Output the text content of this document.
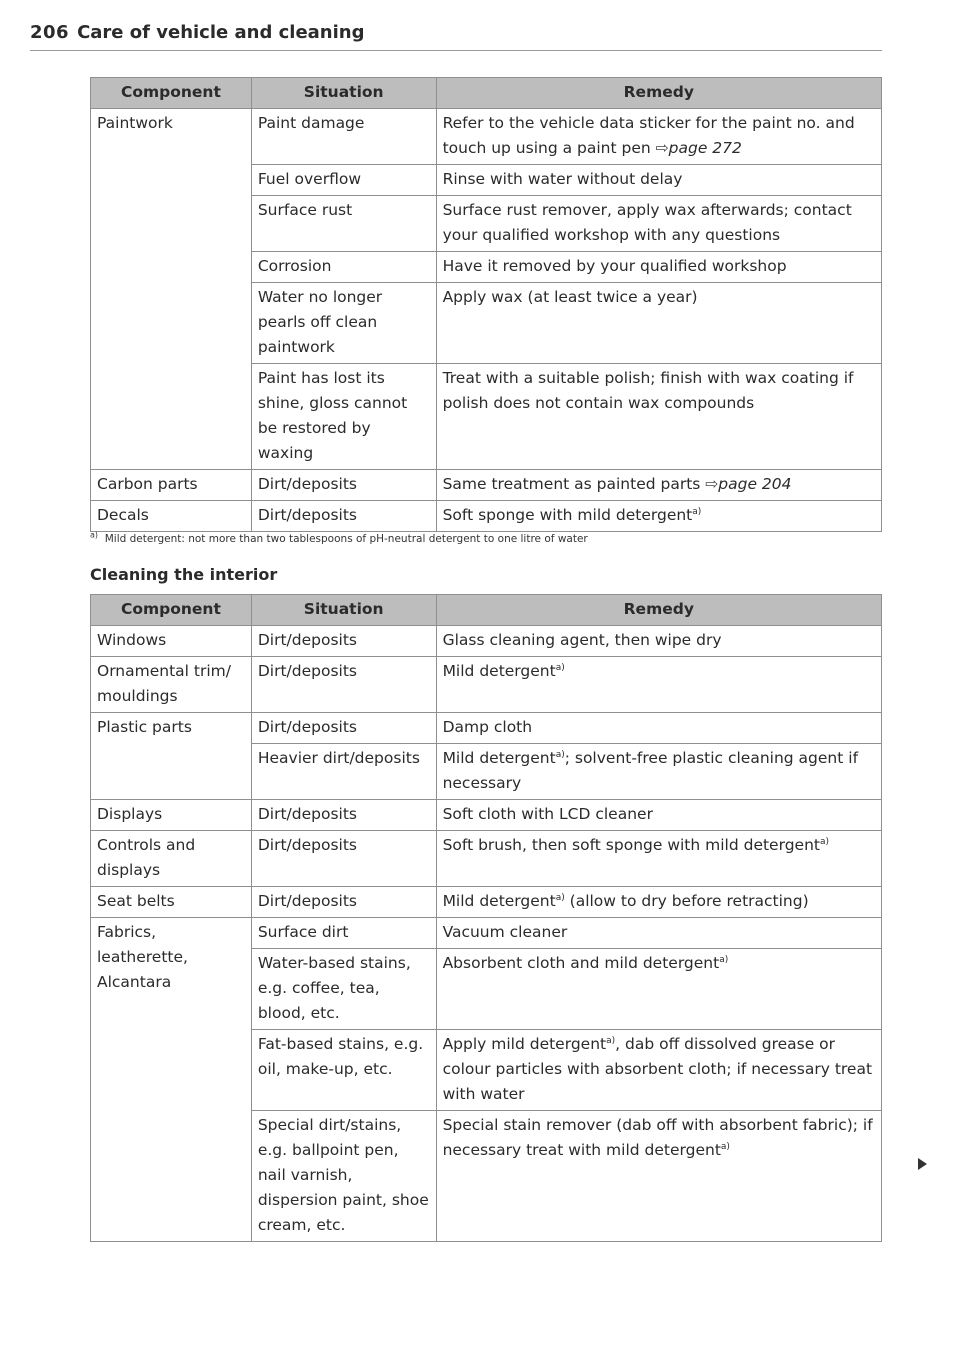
206 Care of vehicle and cleaning
Component	Situation	Remedy
Paintwork	Paint damage	Refer to the vehicle data sticker for the paint no. and touch up using a paint pen ⇨page 272
	Fuel overflow	Rinse with water without delay
	Surface rust	Surface rust remover, apply wax afterwards; contact your qualified workshop with any questions
	Corrosion	Have it removed by your qualified workshop
	Water no longer pearls off clean paintwork	Apply wax (at least twice a year)
	Paint has lost its shine, gloss cannot be restored by waxing	Treat with a suitable polish; finish with wax coating if polish does not contain wax compounds
Carbon parts	Dirt/deposits	Same treatment as painted parts ⇨page 204
Decals	Dirt/deposits	Soft sponge with mild detergent$^{a)}$
$^{a)}$ Mild detergent: not more than two tablespoons of pH-neutral detergent to one litre of water
Cleaning the interior
Component	Situation	Remedy
Windows	Dirt/deposits	Glass cleaning agent, then wipe dry
Ornamental trim/ mouldings	Dirt/deposits	Mild detergent$^{a)}$
Plastic parts	Dirt/deposits	Damp cloth
	Heavier dirt/deposits	Mild detergent$^{a)}$; solvent-free plastic cleaning agent if necessary
Displays	Dirt/deposits	Soft cloth with LCD cleaner
Controls and displays	Dirt/deposits	Soft brush, then soft sponge with mild detergent$^{a)}$
Seat belts	Dirt/deposits	Mild detergent$^{a)}$ (allow to dry before retracting)
Fabrics, leatherette, Alcantara	Surface dirt	Vacuum cleaner
	Water-based stains, e.g. coffee, tea, blood, etc.	Absorbent cloth and mild detergent$^{a)}$
	Fat-based stains, e.g. oil, make-up, etc.	Apply mild detergent$^{a)}$, dab off dissolved grease or colour particles with absorbent cloth; if necessary treat with water
	Special dirt/stains, e.g. ballpoint pen, nail varnish, dispersion paint, shoe cream, etc.	Special stain remover (dab off with absorbent fabric); if necessary treat with mild detergent$^{a)}$
